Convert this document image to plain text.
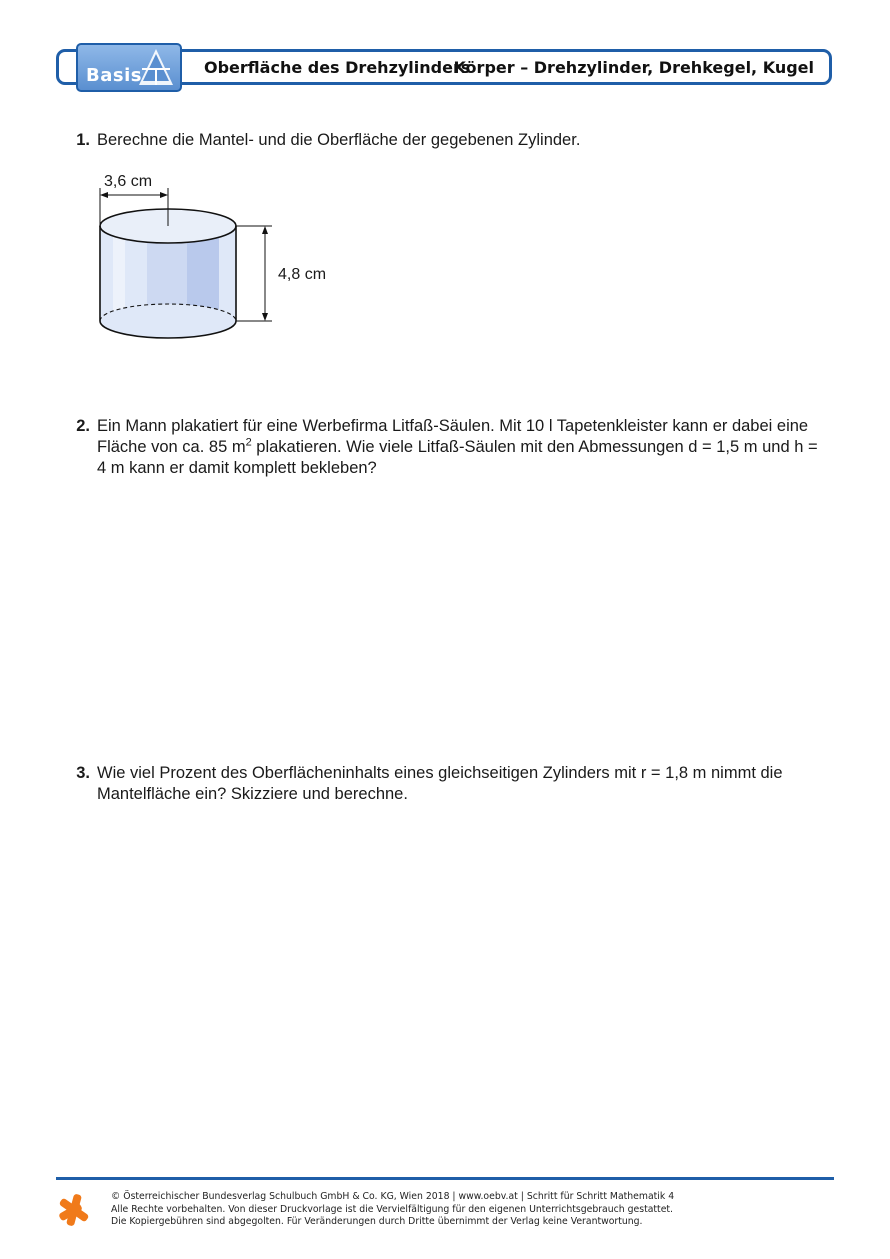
Basis	Oberfläche des Drehzylinders
Körper – Drehzylinder, Drehkegel, Kugel
1. Berechne die Mantel- und die Oberfläche der gegebenen Zylinder.
3,6 cm
4,8 cm
2. Ein Mann plakatiert für eine Werbefirma Litfaß-Säulen. Mit 10 l Tapetenkleister kann er dabei eine Fläche von ca. 85 $m^2$ plakatieren. Wie viele Litfaß-Säulen mit den Abmessungen d = 1,5 m und h = 4 m kann er damit komplett bekleben?
3. Wie viel Prozent des Oberflächeninhalts eines gleichseitigen Zylinders mit r = 1,8 m nimmt die Mantelfläche ein? Skizziere und berechne.
© Österreichischer Bundesverlag Schulbuch GmbH & Co. KG, Wien 2018 | www.oebv.at | Schritt für Schritt Mathematik 4
Alle Rechte vorbehalten. Von dieser Druckvorlage ist die Vervielfältigung für den eigenen Unterrichtsgebrauch gestattet.
Die Kopiergebühren sind abgegolten. Für Veränderungen durch Dritte übernimmt der Verlag keine Verantwortung.
